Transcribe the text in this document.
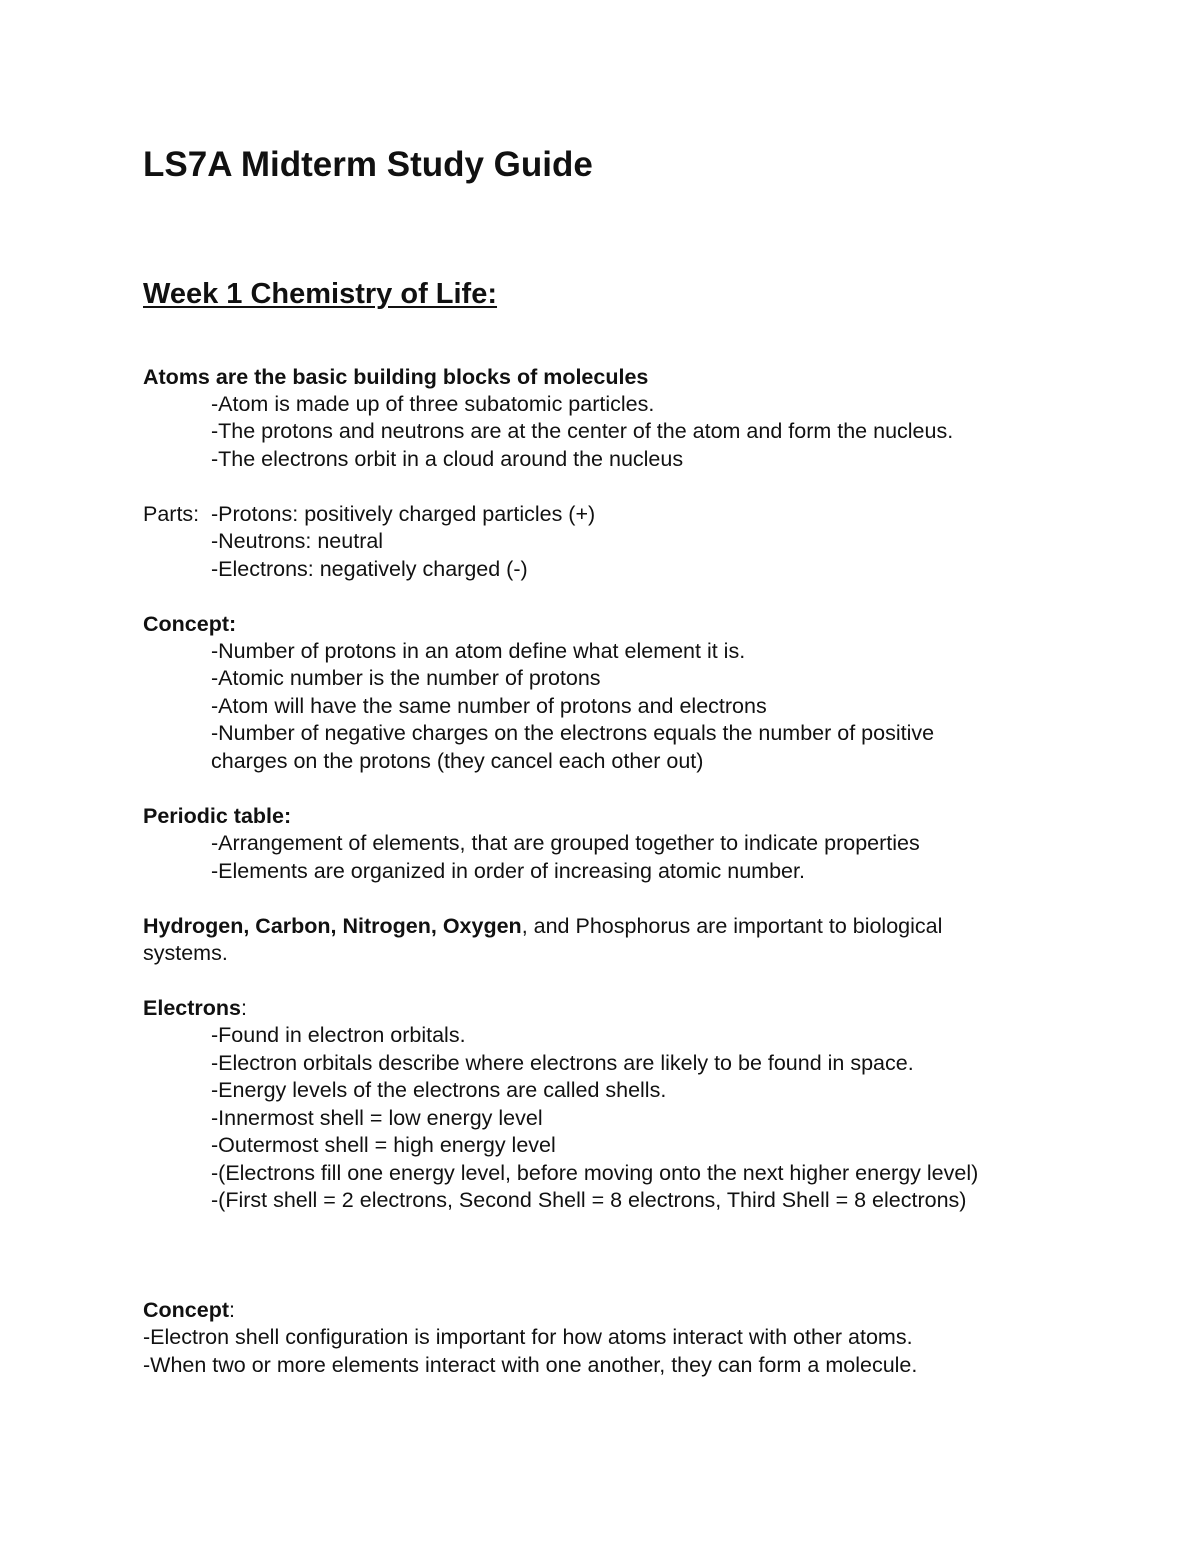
LS7A Midterm Study Guide
Week 1 Chemistry of Life:
Atoms are the basic building blocks of molecules
-Atom is made up of three subatomic particles.
-The protons and neutrons are at the center of the atom and form the nucleus.
-The electrons orbit in a cloud around the nucleus
Parts: -Protons: positively charged particles (+)
-Neutrons: neutral
-Electrons: negatively charged (-)
Concept:
-Number of protons in an atom define what element it is.
-Atomic number is the number of protons
-Atom will have the same number of protons and electrons
-Number of negative charges on the electrons equals the number of positive
charges on the protons (they cancel each other out)
Periodic table:
-Arrangement of elements, that are grouped together to indicate properties
-Elements are organized in order of increasing atomic number.
Hydrogen, Carbon, Nitrogen, Oxygen, and Phosphorus are important to biological
systems.
Electrons:
-Found in electron orbitals.
-Electron orbitals describe where electrons are likely to be found in space.
-Energy levels of the electrons are called shells.
-Innermost shell = low energy level
-Outermost shell = high energy level
-(Electrons fill one energy level, before moving onto the next higher energy level)
-(First shell = 2 electrons, Second Shell = 8 electrons, Third Shell = 8 electrons)
Concept:
-Electron shell configuration is important for how atoms interact with other atoms.
-When two or more elements interact with one another, they can form a molecule.
